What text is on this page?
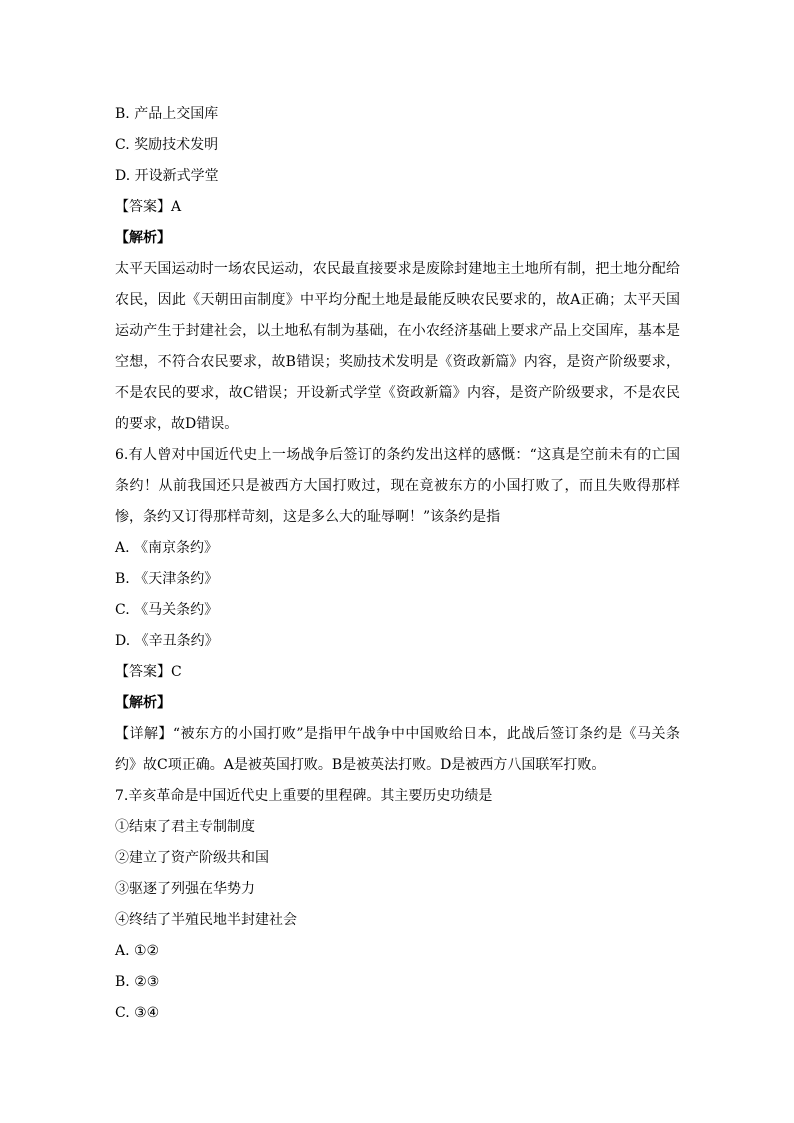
B. 产品上交国库
C. 奖励技术发明
D. 开设新式学堂
【答案】A
【解析】
太平天国运动时一场农民运动，农民最直接要求是废除封建地主土地所有制，把土地分配给农民，因此《天朝田亩制度》中平均分配土地是最能反映农民要求的，故A正确；太平天国运动产生于封建社会，以土地私有制为基础，在小农经济基础上要求产品上交国库，基本是空想，不符合农民要求，故B错误；奖励技术发明是《资政新篇》内容，是资产阶级要求，不是农民的要求，故C错误；开设新式学堂《资政新篇》内容，是资产阶级要求，不是农民的要求，故D错误。
6.有人曾对中国近代史上一场战争后签订的条约发出这样的感慨：“这真是空前未有的亡国条约！从前我国还只是被西方大国打败过，现在竟被东方的小国打败了，而且失败得那样惨，条约又订得那样苛刻，这是多么大的耻辱啊！”该条约是指
A. 《南京条约》
B. 《天津条约》
C. 《马关条约》
D. 《辛丑条约》
【答案】C
【解析】
【详解】“被东方的小国打败”是指甲午战争中中国败给日本，此战后签订条约是《马关条约》故C项正确。A是被英国打败。B是被英法打败。D是被西方八国联军打败。
7.辛亥革命是中国近代史上重要的里程碑。其主要历史功绩是
①结束了君主专制制度
②建立了资产阶级共和国
③驱逐了列强在华势力
④终结了半殖民地半封建社会
A. ①②
B. ②③
C. ③④
